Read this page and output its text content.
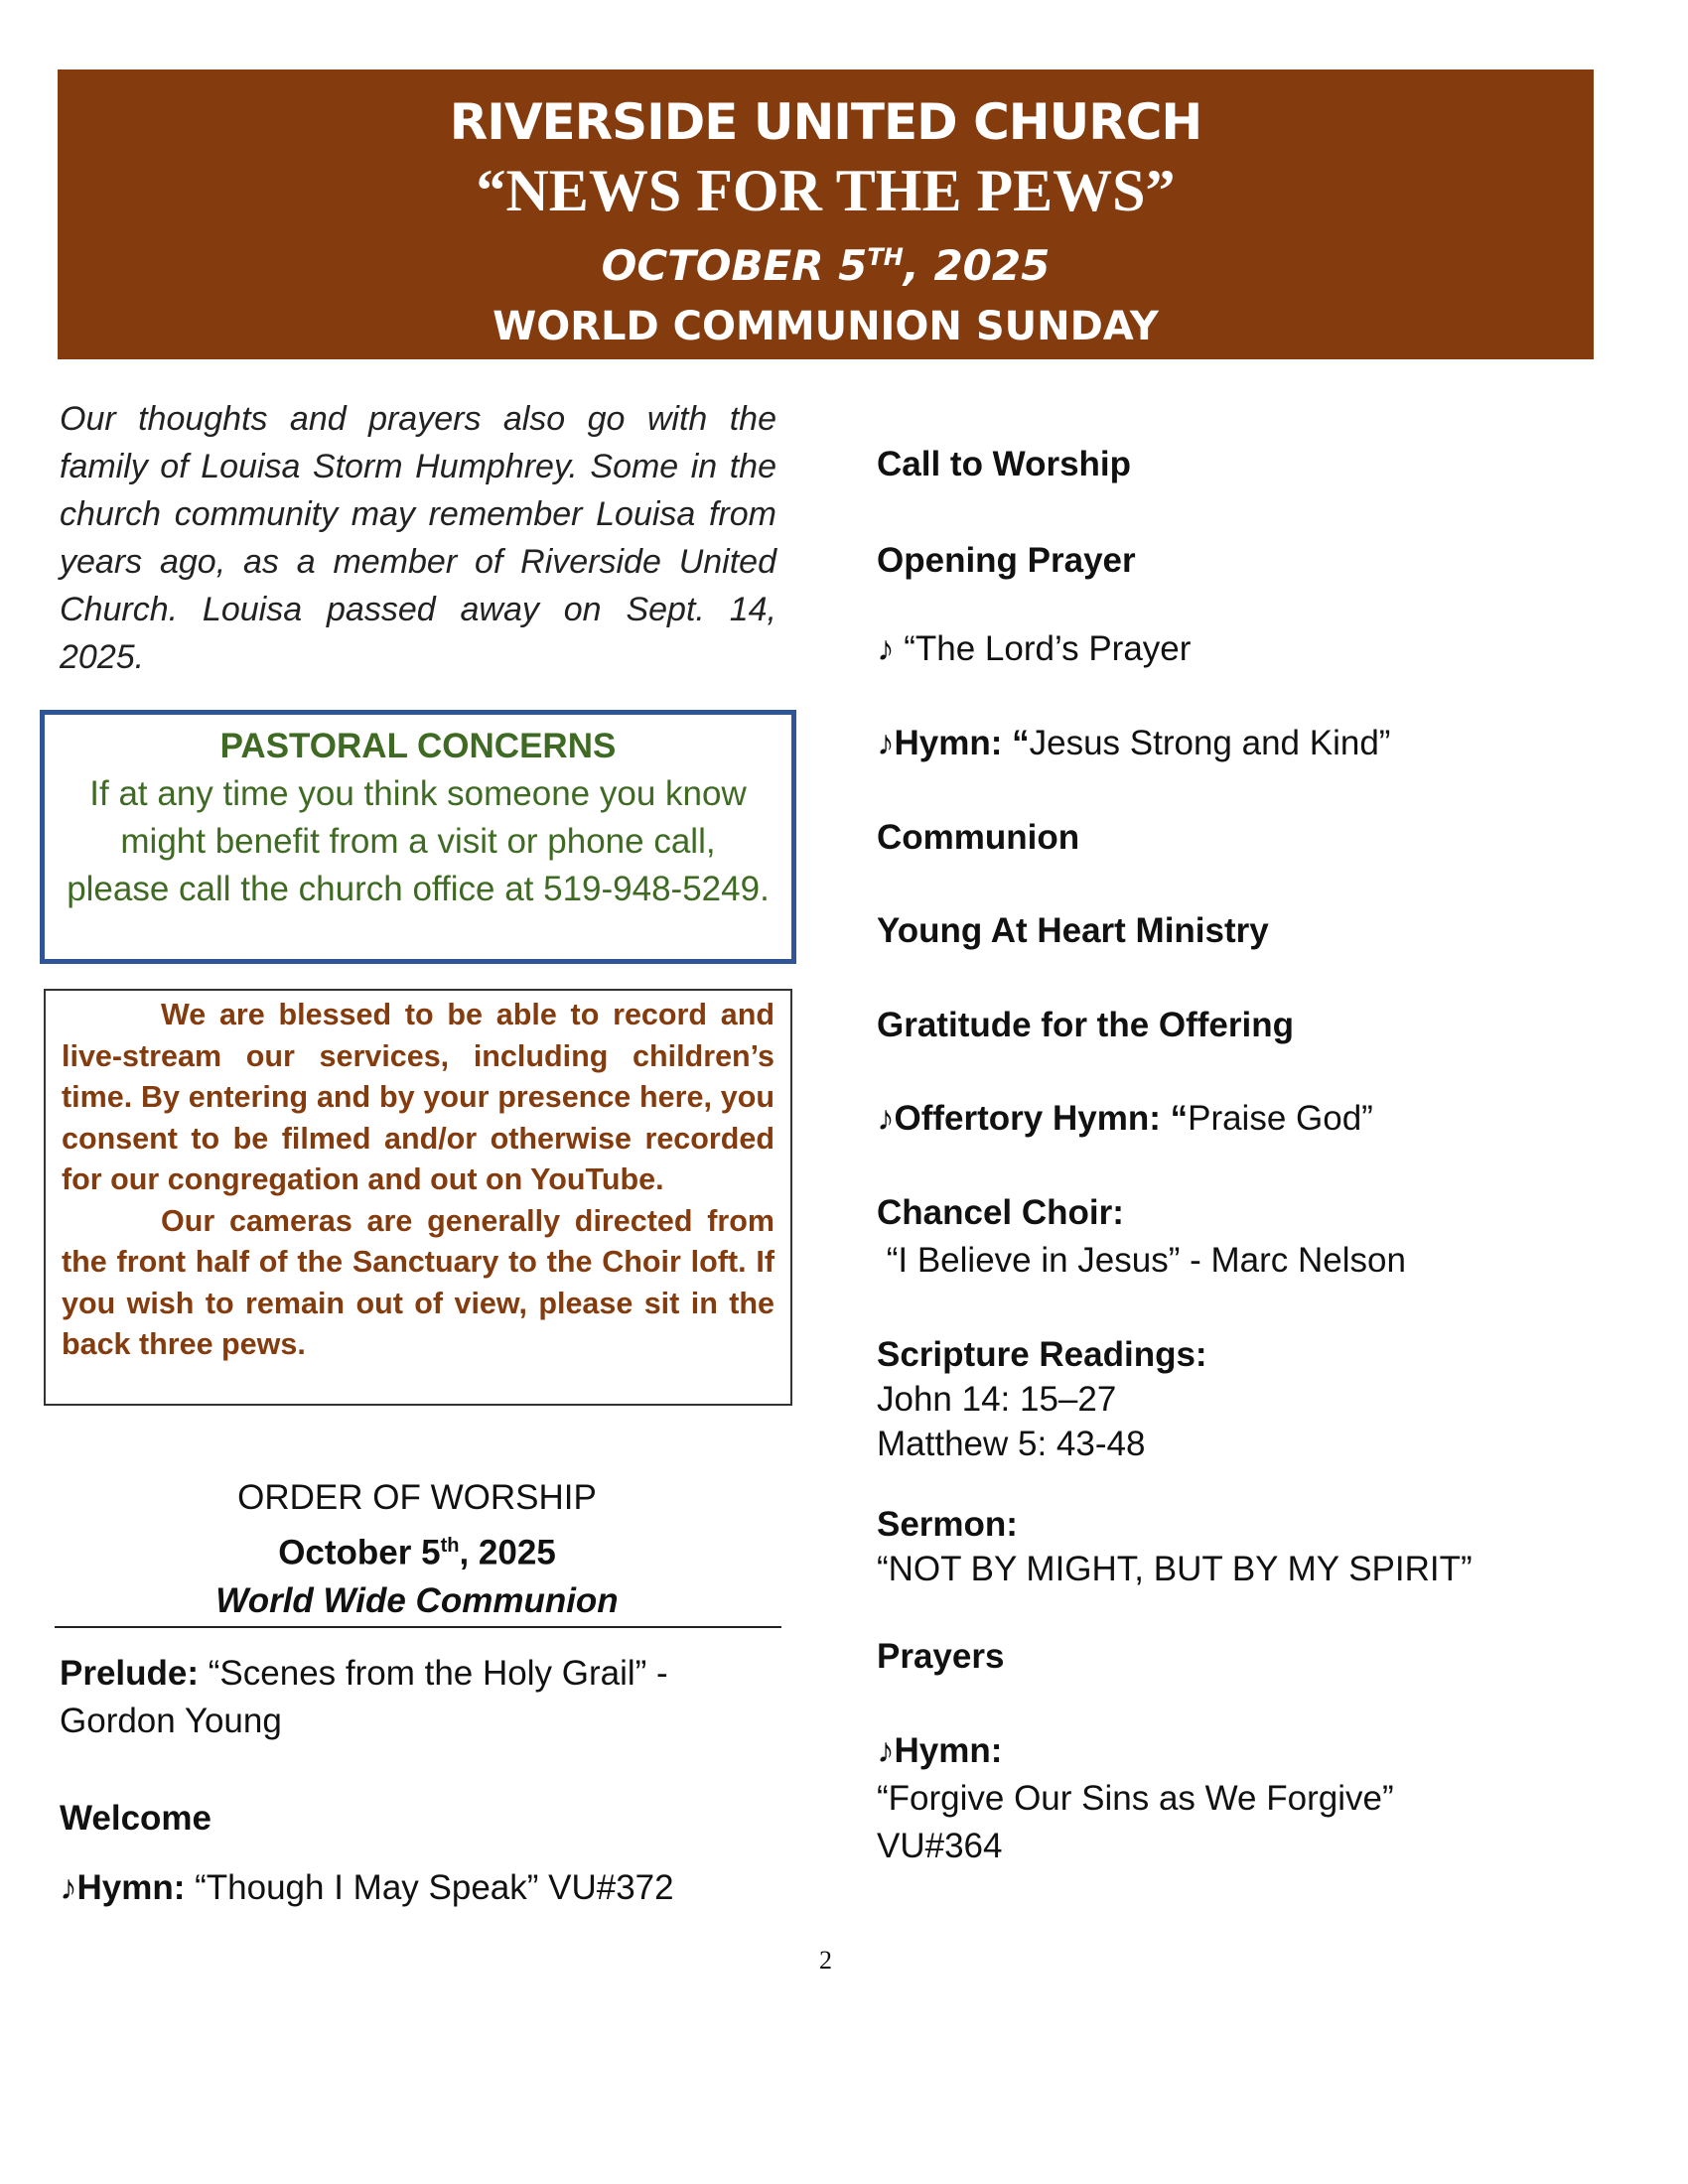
RIVERSIDE UNITED CHURCH
“NEWS FOR THE PEWS”
OCTOBER 5TH, 2025
WORLD COMMUNION SUNDAY
Our thoughts and prayers also go with the family of Louisa Storm Humphrey. Some in the church community may remember Louisa from years ago, as a member of Riverside United Church. Louisa passed away on Sept. 14, 2025.
PASTORAL CONCERNS
If at any time you think someone you know might benefit from a visit or phone call, please call the church office at 519-948-5249.

We are blessed to be able to record and live-stream our services, including children’s time. By entering and by your presence here, you consent to be filmed and/or otherwise recorded for our congregation and out on YouTube.

Our cameras are generally directed from the front half of the Sanctuary to the Choir loft. If you wish to remain out of view, please sit in the back three pews.

ORDER OF WORSHIP
October 5th, 2025
World Wide Communion
Prelude: “Scenes from the Holy Grail” - Gordon Young
Welcome
♪Hymn: “Though I May Speak” VU#372
Call to Worship
Opening Prayer
♪ “The Lord’s Prayer
♪Hymn: “Jesus Strong and Kind”
Communion
Young At Heart Ministry
Gratitude for the Offering
♪Offertory Hymn: “Praise God”
Chancel Choir:
“I Believe in Jesus” - Marc Nelson
Scripture Readings:
John 14: 15–27
Matthew 5: 43-48
Sermon:
“NOT BY MIGHT, BUT BY MY SPIRIT”
Prayers
♪Hymn:
“Forgive Our Sins as We Forgive”
VU#364
2
